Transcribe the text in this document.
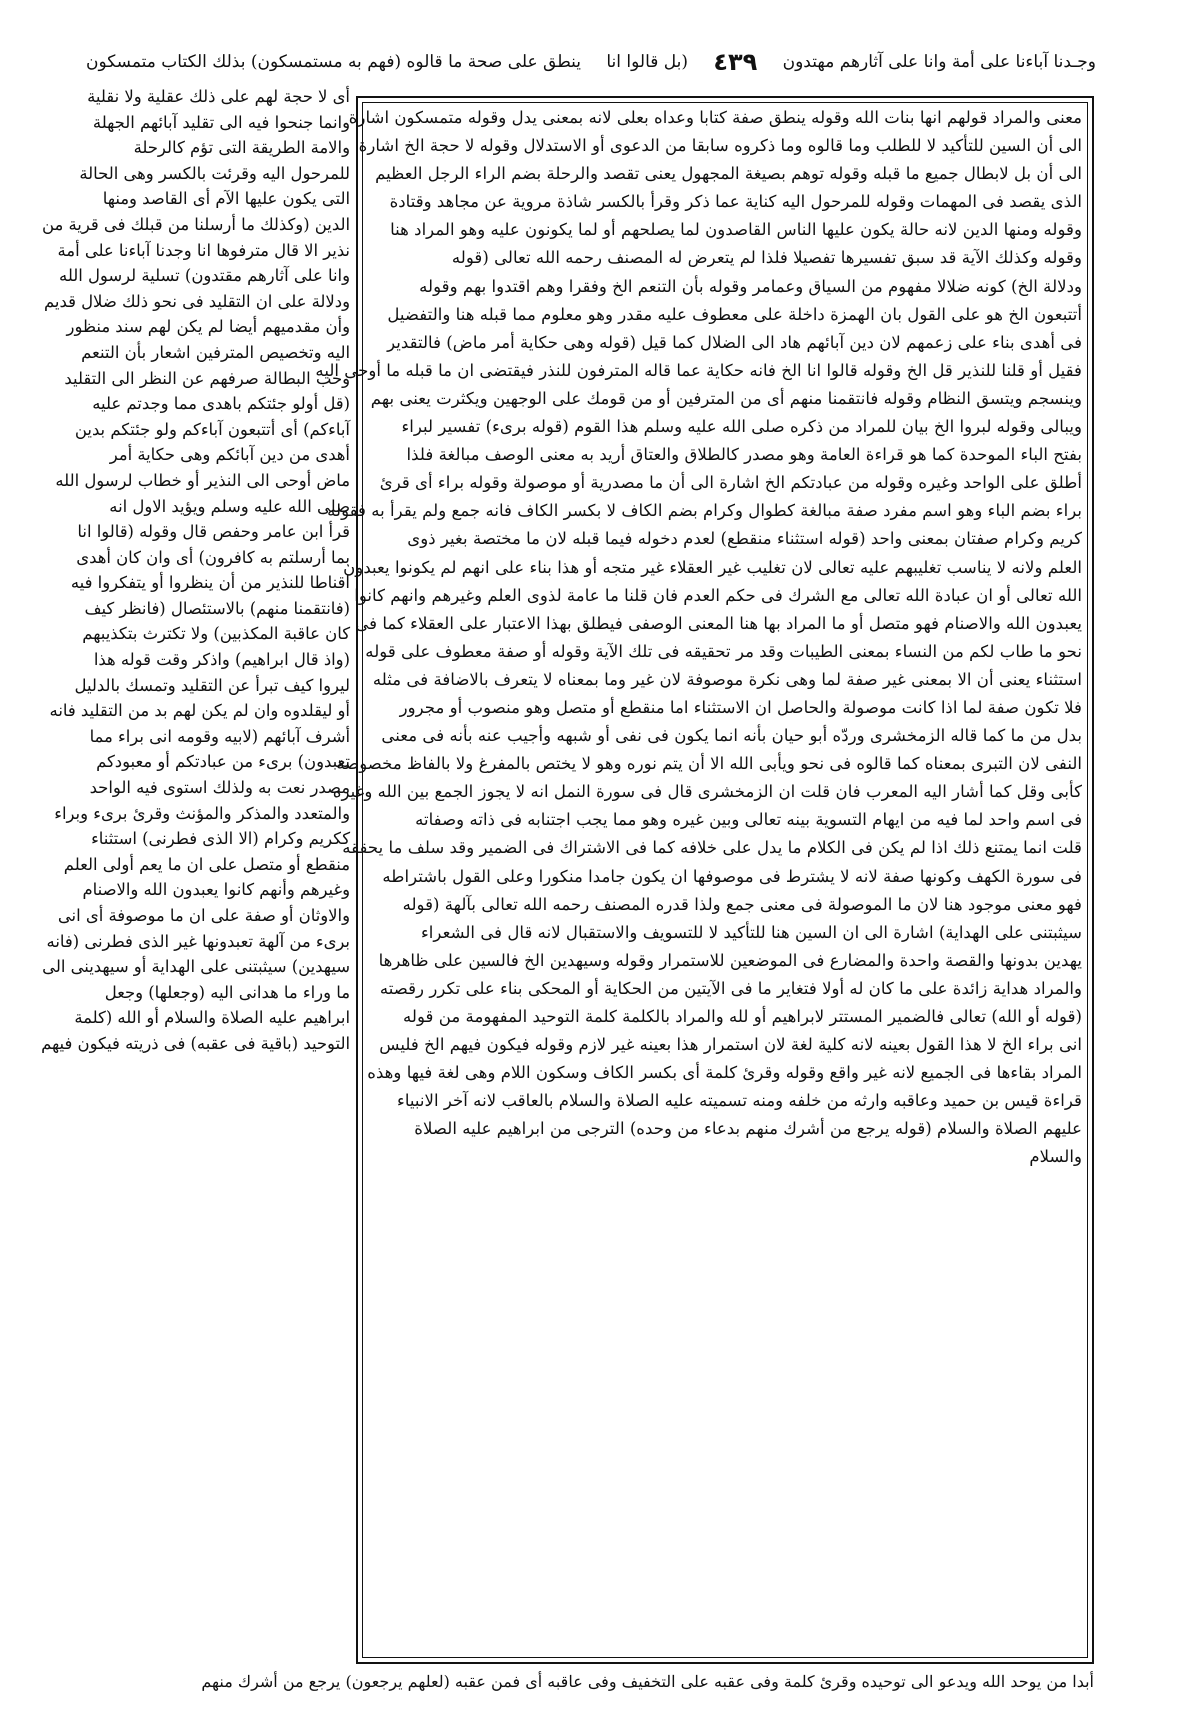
وجـدنا آباءنا على أمة وانا على آثارهم مهتدون
٤٣٩
(بل قالوا انا
ينطق على صحة ما قالوه (فهم به مستمسكون) بذلك الكتاب متمسكون
معنى والمراد قولهم انها بنات الله وقوله ينطق صفة كتابا وعداه بعلى لانه بمعنى يدل وقوله متمسكون اشارة
الى أن السين للتأكيد لا للطلب وما قالوه وما ذكروه سابقا من الدعوى أو الاستدلال وقوله لا حجة الخ اشارة
الى أن بل لابطال جميع ما قبله وقوله توهم بصيغة المجهول يعنى تقصد والرحلة بضم الراء الرجل العظيم
الذى يقصد فى المهمات وقوله للمرحول اليه كناية عما ذكر وقرأ بالكسر شاذة مروية عن مجاهد وقتادة
وقوله ومنها الدين لانه حالة يكون عليها الناس القاصدون لما يصلحهم أو لما يكونون عليه وهو المراد هنا
وقوله وكذلك الآية قد سبق تفسيرها تفصيلا فلذا لم يتعرض له المصنف رحمه الله تعالى (قوله
ودلالة الخ) كونه ضلالا مفهوم من السياق وعمامر وقوله بأن التنعم الخ وفقرا وهم اقتدوا بهم وقوله
أتتبعون الخ هو على القول بان الهمزة داخلة على معطوف عليه مقدر وهو معلوم مما قبله هنا والتفضيل
فى أهدى بناء على زعمهم لان دين آبائهم هاد الى الضلال كما قيل (قوله وهى حكاية أمر ماض) فالتقدير
فقيل أو قلنا للنذير قل الخ وقوله قالوا انا الخ فانه حكاية عما قاله المترفون للنذر فيقتضى ان ما قبله ما أوحى اليه
وينسجم ويتسق النظام وقوله فانتقمنا منهم أى من المترفين أو من قومك على الوجهين ويكثرت يعنى بهم
ويبالى وقوله لبروا الخ بيان للمراد من ذكره صلى الله عليه وسلم هذا القوم (قوله برىء) تفسير لبراء
بفتح الباء الموحدة كما هو قراءة العامة وهو مصدر كالطلاق والعتاق أريد به معنى الوصف مبالغة فلذا
أطلق على الواحد وغيره وقوله من عبادتكم الخ اشارة الى أن ما مصدرية أو موصولة وقوله براء أى قرئ
براء بضم الباء وهو اسم مفرد صفة مبالغة كطوال وكرام بضم الكاف لا بكسر الكاف فانه جمع ولم يقرأ به فقوله
كريم وكرام صفتان بمعنى واحد (قوله استثناء منقطع) لعدم دخوله فيما قبله لان ما مختصة بغير ذوى
العلم ولانه لا يناسب تغليبهم عليه تعالى لان تغليب غير العقلاء غير متجه أو هذا بناء على انهم لم يكونوا يعبدون
الله تعالى أو ان عبادة الله تعالى مع الشرك فى حكم العدم فان قلنا ما عامة لذوى العلم وغيرهم وانهم كانوا
يعبدون الله والاصنام فهو متصل أو ما المراد بها هنا المعنى الوصفى فيطلق بهذا الاعتبار على العقلاء كما فى
نحو ما طاب لكم من النساء بمعنى الطيبات وقد مر تحقيقه فى تلك الآية وقوله أو صفة معطوف على قوله
استثناء يعنى أن الا بمعنى غير صفة لما وهى نكرة موصوفة لان غير وما بمعناه لا يتعرف بالاضافة فى مثله
فلا تكون صفة لما اذا كانت موصولة والحاصل ان الاستثناء اما منقطع أو متصل وهو منصوب أو مجرور
بدل من ما كما قاله الزمخشرى وردّه أبو حيان بأنه انما يكون فى نفى أو شبهه وأجيب عنه بأنه فى معنى
النفى لان التبرى بمعناه كما قالوه فى نحو ويأبى الله الا أن يتم نوره وهو لا يختص بالمفرغ ولا بالفاظ مخصوصة
كأبى وقل كما أشار اليه المعرب فان قلت ان الزمخشرى قال فى سورة النمل انه لا يجوز الجمع بين الله وغيره
فى اسم واحد لما فيه من ايهام التسوية بينه تعالى وبين غيره وهو مما يجب اجتنابه فى ذاته وصفاته
قلت انما يمتنع ذلك اذا لم يكن فى الكلام ما يدل على خلافه كما فى الاشتراك فى الضمير وقد سلف ما يحققه
فى سورة الكهف وكونها صفة لانه لا يشترط فى موصوفها ان يكون جامدا منكورا وعلى القول باشتراطه
فهو معنى موجود هنا لان ما الموصولة فى معنى جمع ولذا قدره المصنف رحمه الله تعالى بآلهة (قوله
سيثبتنى على الهداية) اشارة الى ان السين هنا للتأكيد لا للتسويف والاستقبال لانه قال فى الشعراء
يهدين بدونها والقصة واحدة والمضارع فى الموضعين للاستمرار وقوله وسيهدين الخ فالسين على ظاهرها
والمراد هداية زائدة على ما كان له أولا فتغاير ما فى الآيتين من الحكاية أو المحكى بناء على تكرر رقصته
(قوله أو الله) تعالى فالضمير المستتر لابراهيم أو لله والمراد بالكلمة كلمة التوحيد المفهومة من قوله
انى براء الخ لا هذا القول بعينه لانه كلية لغة لان استمرار هذا بعينه غير لازم وقوله فيكون فيهم الخ فليس
المراد بقاءها فى الجميع لانه غير واقع وقوله وقرئ كلمة أى بكسر الكاف وسكون اللام وهى لغة فيها وهذه
قراءة قيس بن حميد وعاقبه وارثه من خلفه ومنه تسميته عليه الصلاة والسلام بالعاقب لانه آخر الانبياء
عليهم الصلاة والسلام (قوله يرجع من أشرك منهم بدعاء من وحده) الترجى من ابراهيم عليه الصلاة
والسلام
أى لا حجة لهم على ذلك عقلية ولا نقلية
وانما جنحوا فيه الى تقليد آبائهم الجهلة
والامة الطريقة التى تؤم كالرحلة
للمرحول اليه وقرئت بالكسر وهى الحالة
التى يكون عليها الآم أى القاصد ومنها
الدين (وكذلك ما أرسلنا من قبلك فى قرية من
نذير الا قال مترفوها انا وجدنا آباءنا على أمة
وانا على آثارهم مقتدون) تسلية لرسول الله
ودلالة على ان التقليد فى نحو ذلك ضلال قديم
وأن مقدميهم أيضا لم يكن لهم سند منظور
اليه وتخصيص المترفين اشعار بأن التنعم
وحب البطالة صرفهم عن النظر الى التقليد
(قل أولو جئتكم باهدى مما وجدتم عليه
آباءكم) أى أتتبعون آباءكم ولو جئتكم بدين
أهدى من دين آبائكم وهى حكاية أمر
ماض أوحى الى النذير أو خطاب لرسول الله
صلى الله عليه وسلم ويؤيد الاول انه
قرأ ابن عامر وحفص قال وقوله (قالوا انا
بما أرسلتم به كافرون) أى وان كان أهدى
اقناطا للنذير من أن ينظروا أو يتفكروا فيه
(فانتقمنا منهم) بالاستئصال (فانظر كيف
كان عاقبة المكذبين) ولا تكترث بتكذيبهم
(واذ قال ابراهيم) واذكر وقت قوله هذا
ليروا كيف تبرأ عن التقليد وتمسك بالدليل
أو ليقلدوه وان لم يكن لهم بد من التقليد فانه
أشرف آبائهم (لابيه وقومه انى براء مما
تعبدون) برىء من عبادتكم أو معبودكم
مصدر نعت به ولذلك استوى فيه الواحد
والمتعدد والمذكر والمؤنث وقرئ برىء وبراء
ككريم وكرام (الا الذى فطرنى) استثناء
منقطع أو متصل على ان ما يعم أولى العلم
وغيرهم وأنهم كانوا يعبدون الله والاصنام
والاوثان أو صفة على ان ما موصوفة أى انى
برىء من آلهة تعبدونها غير الذى فطرنى (فانه
سيهدين) سيثبتنى على الهداية أو سيهدينى الى
ما وراء ما هدانى اليه (وجعلها) وجعل
ابراهيم عليه الصلاة والسلام أو الله (كلمة
التوحيد (باقية فى عقبه) فى ذريته فيكون فيهم
أبدا من يوحد الله ويدعو الى توحيده وقرئ كلمة وفى عقبه على التخفيف وفى عاقبه أى فمن عقبه (لعلهم يرجعون) يرجع من أشرك منهم
